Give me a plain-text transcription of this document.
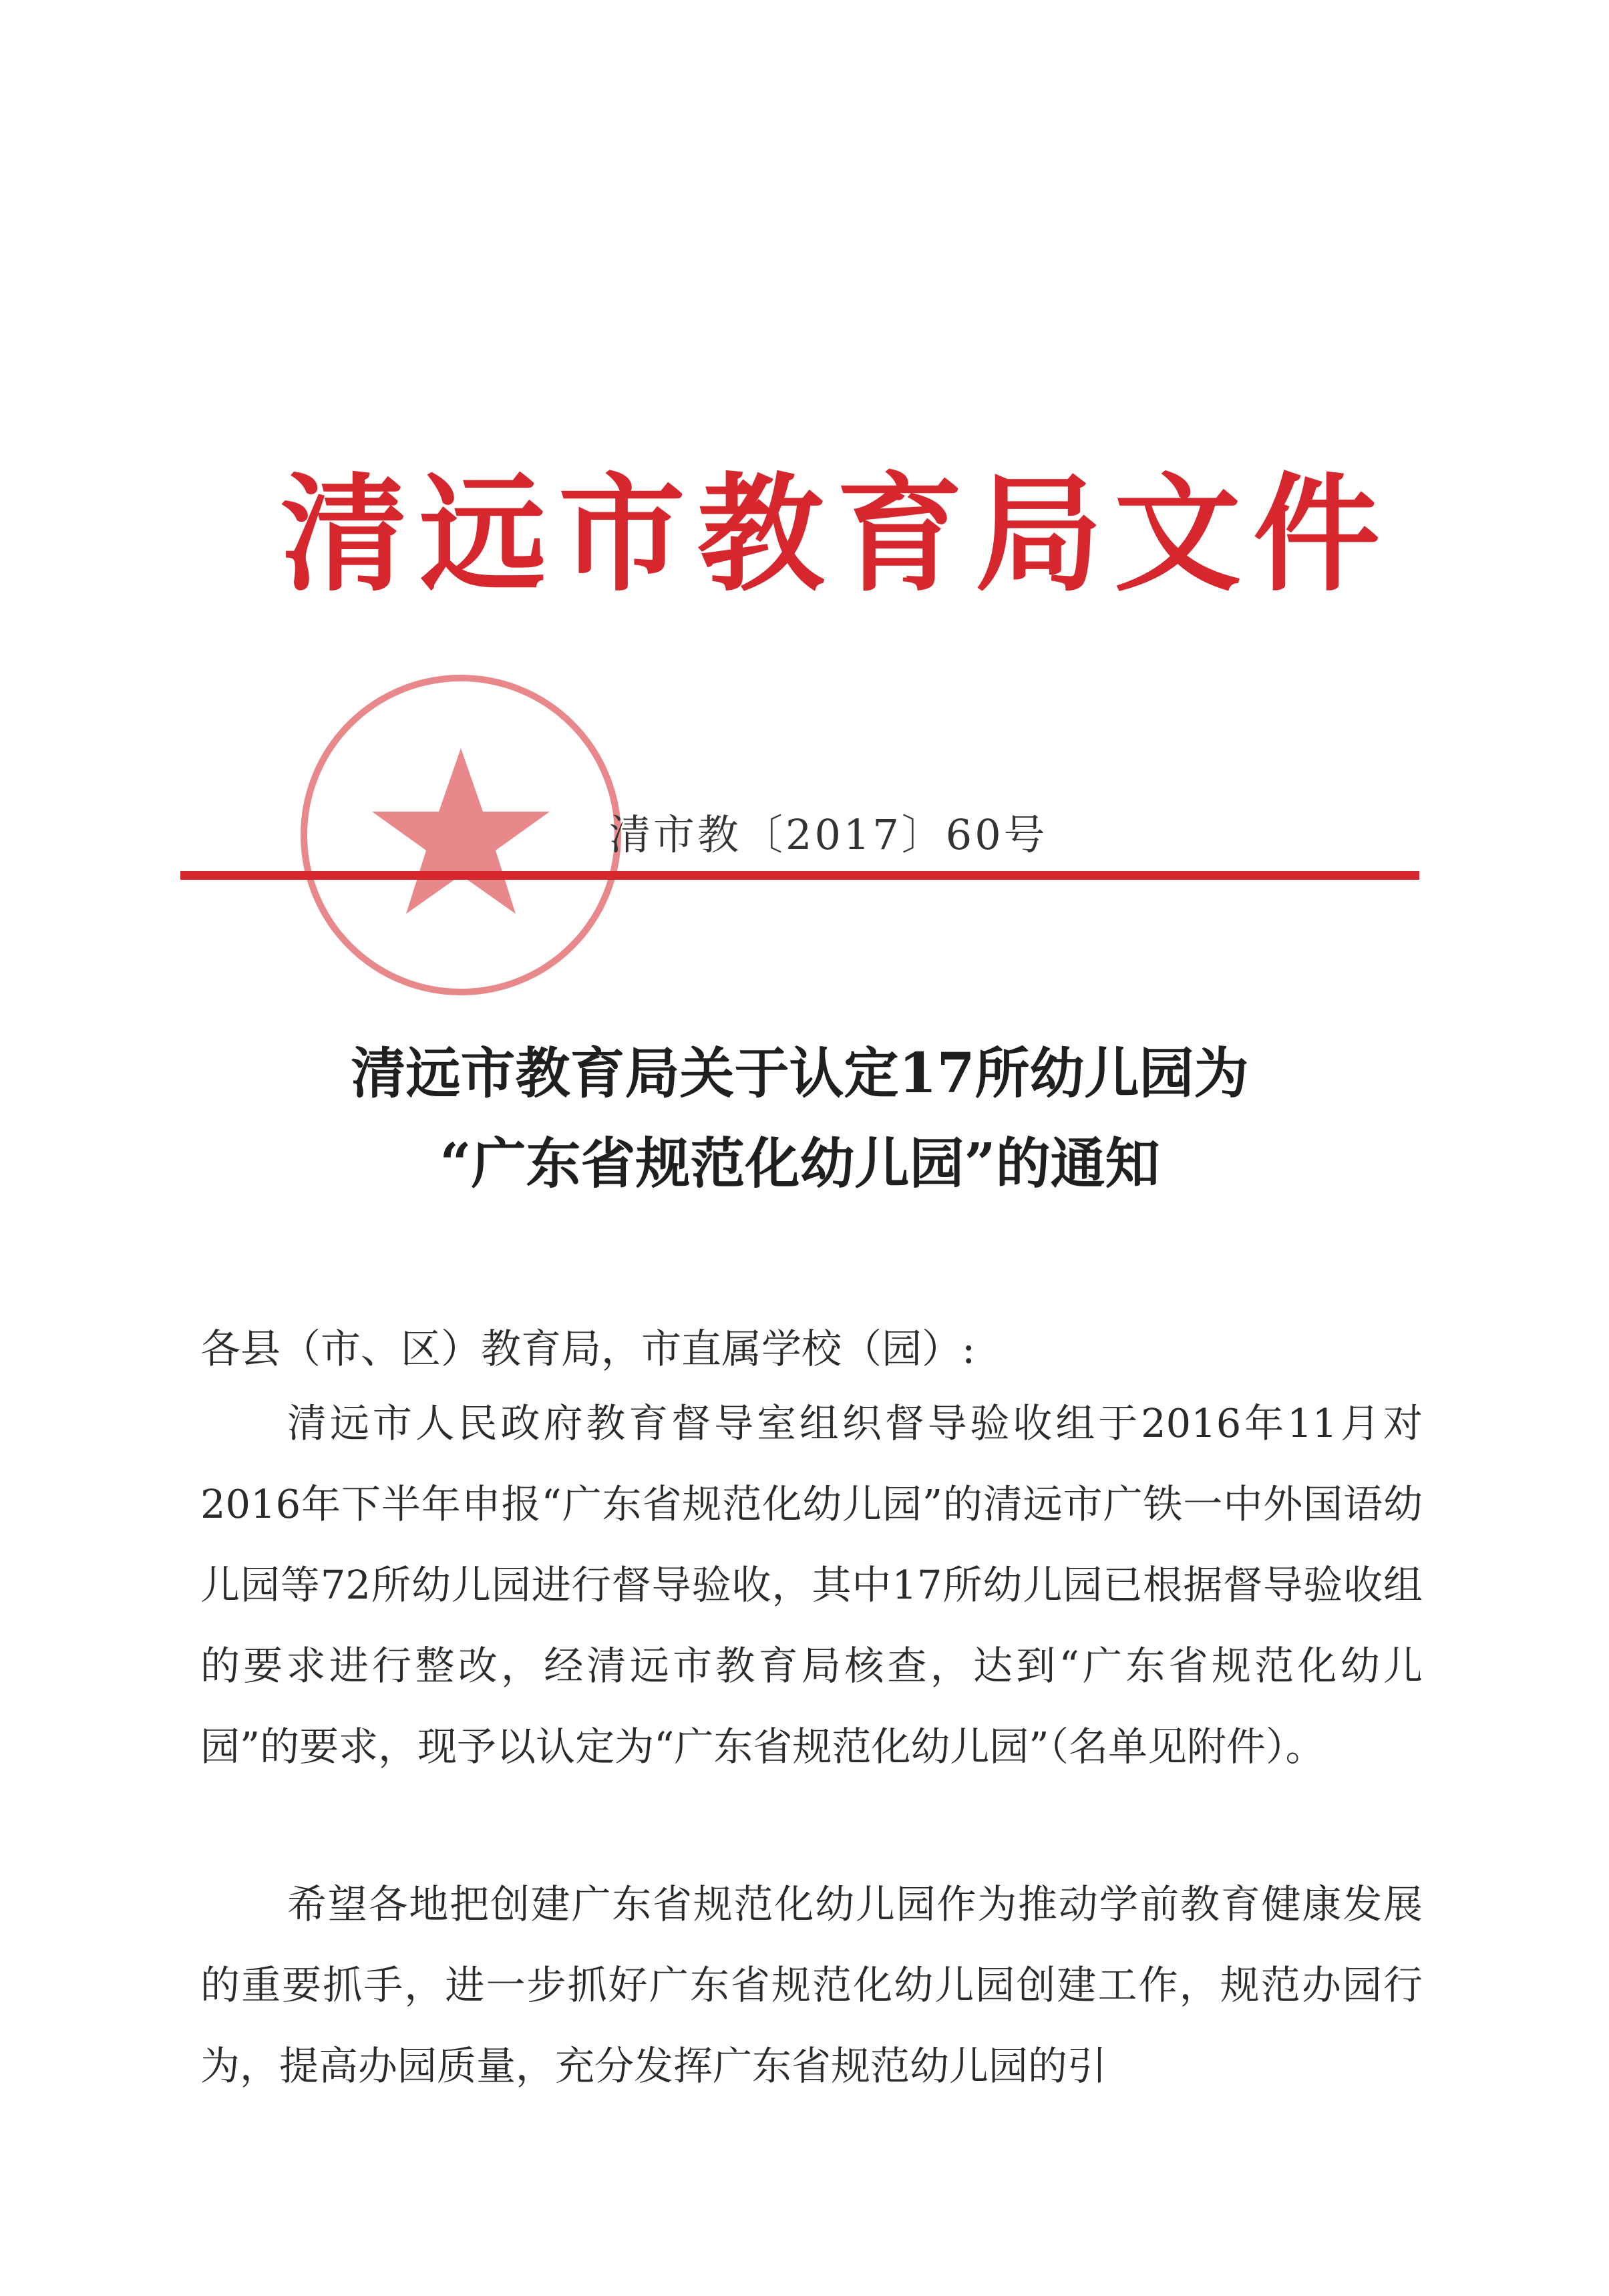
清远市教育局文件
清市教〔2017〕60号
清远市教育局关于认定17所幼儿园为
“广东省规范化幼儿园”的通知
各县（市、区）教育局，市直属学校（园）:
清远市人民政府教育督导室组织督导验收组于2016年11月对2016年下半年申报“广东省规范化幼儿园”的清远市广铁一中外国语幼儿园等72所幼儿园进行督导验收，其中17所幼儿园已根据督导验收组的要求进行整改，经清远市教育局核查，达到“广东省规范化幼儿园”的要求，现予以认定为“广东省规范化幼儿园”（名单见附件）。
希望各地把创建广东省规范化幼儿园作为推动学前教育健康发展的重要抓手，进一步抓好广东省规范化幼儿园创建工作，规范办园行为，提高办园质量，充分发挥广东省规范幼儿园的引
